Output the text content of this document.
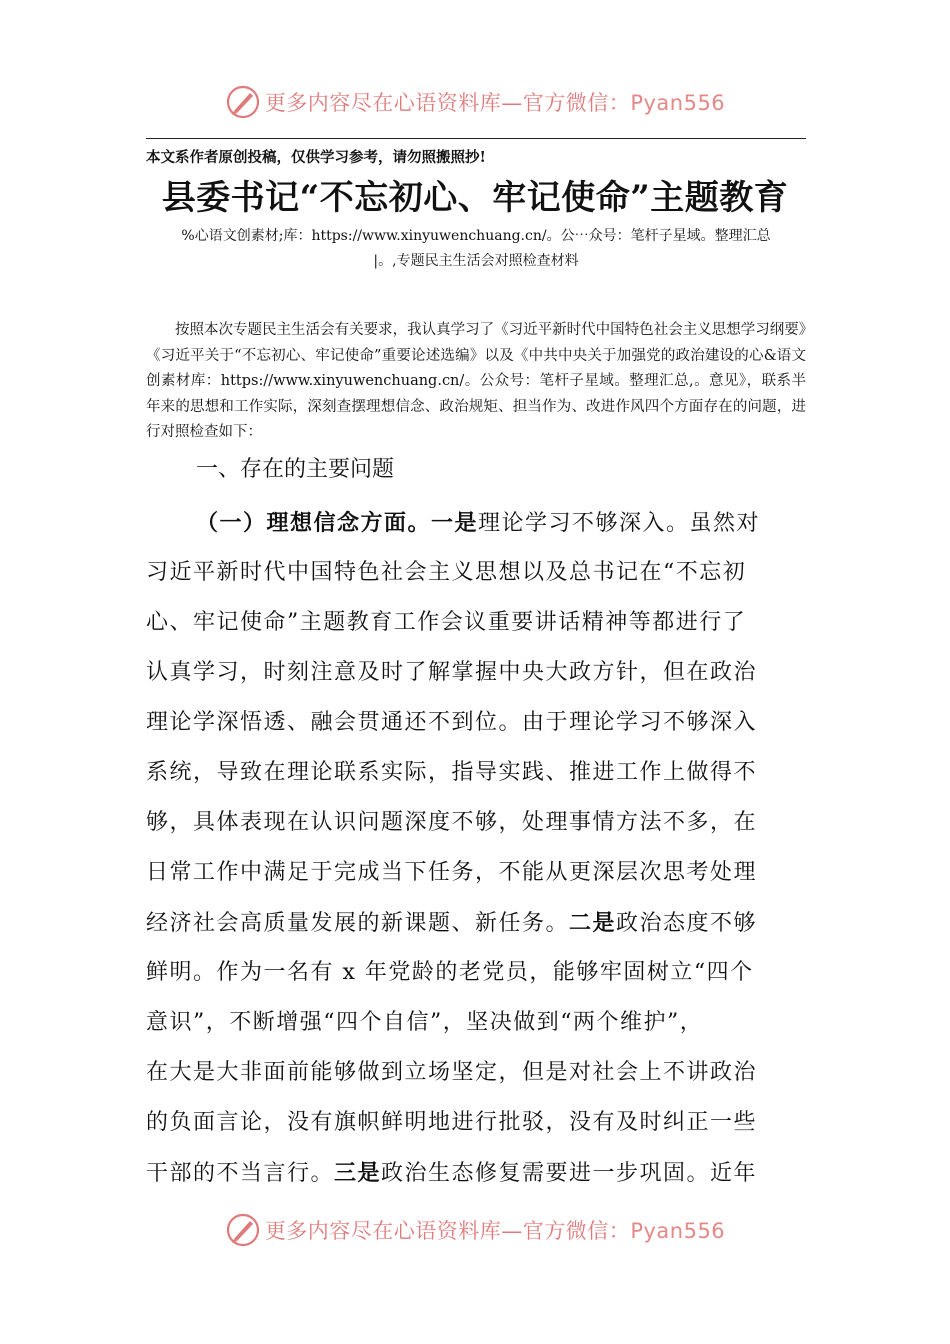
更多内容尽在心语资料库—官方微信：Pyan556
本文系作者原创投稿，仅供学习参考，请勿照搬照抄!
县委书记“不忘初心、牢记使命”主题教育
%心语文创素材;库：https://www.xinyuwenchuang.cn/。公⋯众号：笔杆子星域。整理汇总
|。,专题民主生活会对照检查材料
按照本次专题民主生活会有关要求，我认真学习了《习近平新时代中国特色社会主义思想学习纲要》《习近平关于“不忘初心、牢记使命”重要论述选编》以及《中共中央关于加强党的政治建设的心&语文创素材库：https://www.xinyuwenchuang.cn/。公众号：笔杆子星域。整理汇总,。意见》，联系半年来的思想和工作实际，深刻查摆理想信念、政治规矩、担当作为、改进作风四个方面存在的问题，进行对照检查如下：
一、存在的主要问题
（一）理想信念方面。一是理论学习不够深入。虽然对
习近平新时代中国特色社会主义思想以及总书记在“不忘初
心、牢记使命”主题教育工作会议重要讲话精神等都进行了
认真学习，时刻注意及时了解掌握中央大政方针，但在政治
理论学深悟透、融会贯通还不到位。由于理论学习不够深入
系统，导致在理论联系实际，指导实践、推进工作上做得不
够，具体表现在认识问题深度不够，处理事情方法不多，在
日常工作中满足于完成当下任务，不能从更深层次思考处理
经济社会高质量发展的新课题、新任务。二是政治态度不够
鲜明。作为一名有 x 年党龄的老党员，能够牢固树立“四个
意识”，不断增强“四个自信”，坚决做到“两个维护”，
在大是大非面前能够做到立场坚定，但是对社会上不讲政治
的负面言论，没有旗帜鲜明地进行批驳，没有及时纠正一些
干部的不当言行。三是政治生态修复需要进一步巩固。近年
更多内容尽在心语资料库—官方微信：Pyan556
